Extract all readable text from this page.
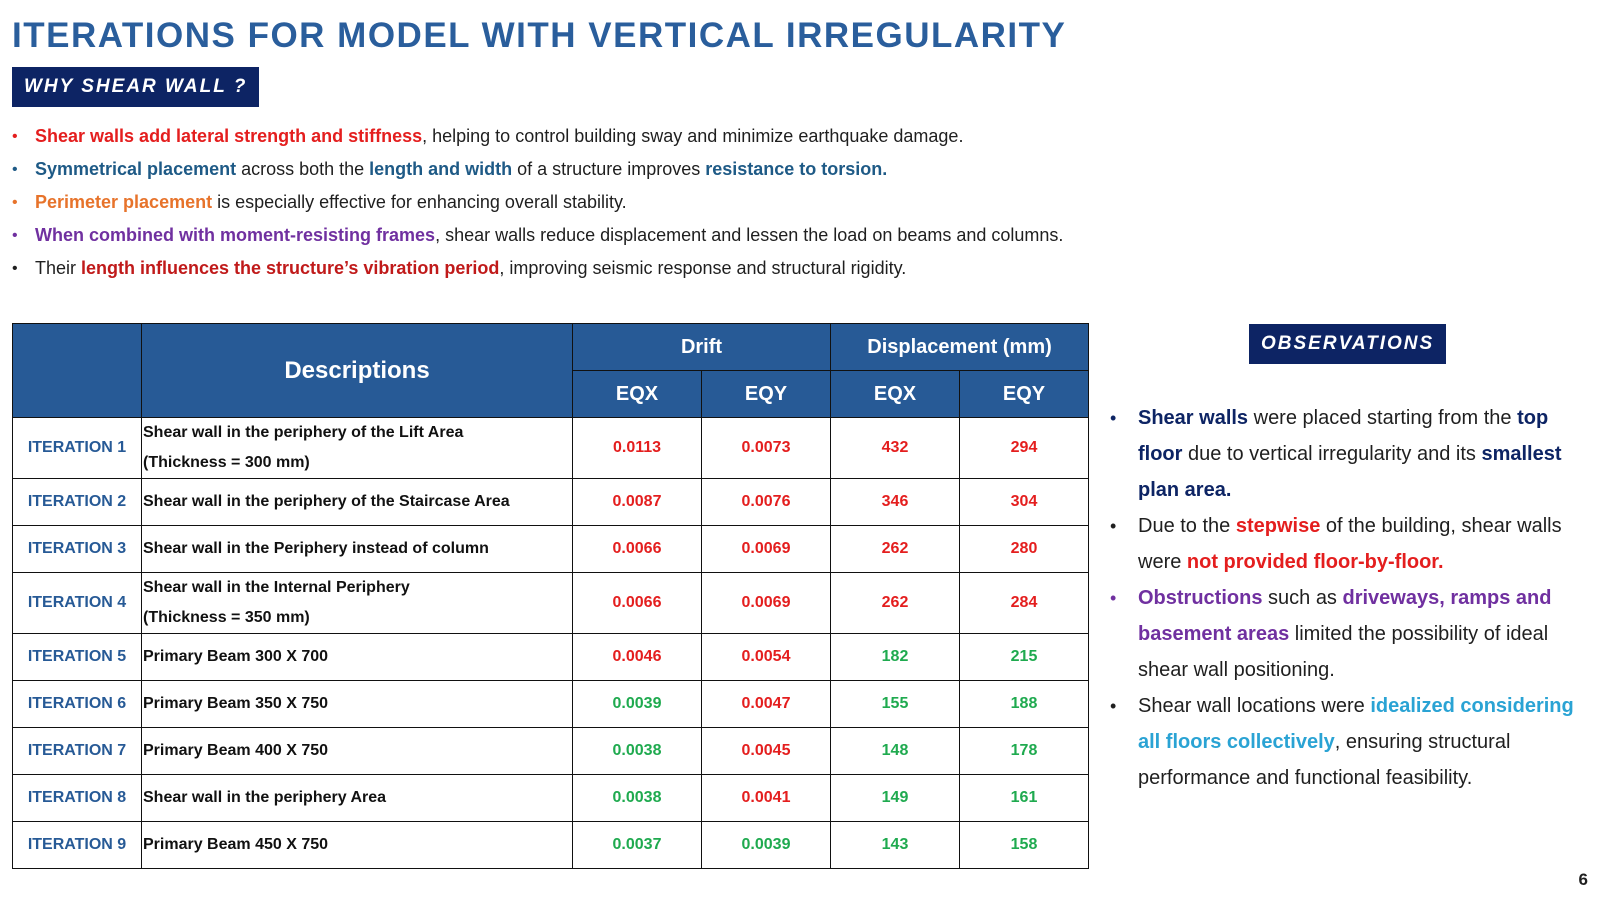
ITERATIONS FOR MODEL WITH VERTICAL IRREGULARITY
WHY SHEAR WALL ?
• Shear walls add lateral strength and stiffness, helping to control building sway and minimize earthquake damage.
• Symmetrical placement across both the length and width of a structure improves resistance to torsion.
• Perimeter placement is especially effective for enhancing overall stability.
• When combined with moment-resisting frames, shear walls reduce displacement and lessen the load on beams and columns.
• Their length influences the structure’s vibration period, improving seismic response and structural rigidity.
	Descriptions	Drift		Displacement (mm)	
		EQX	EQY	EQX	EQY
ITERATION 1	Shear wall in the periphery of the Lift Area
(Thickness = 300 mm)	0.0113	0.0073	432	294
ITERATION 2	Shear wall in the periphery of the Staircase Area	0.0087	0.0076	346	304
ITERATION 3	Shear wall in the Periphery instead of column	0.0066	0.0069	262	280
ITERATION 4	Shear wall in the Internal Periphery
(Thickness = 350 mm)	0.0066	0.0069	262	284
ITERATION 5	Primary Beam 300 X 700	0.0046	0.0054	182	215
ITERATION 6	Primary Beam 350 X 750	0.0039	0.0047	155	188
ITERATION 7	Primary Beam 400 X 750	0.0038	0.0045	148	178
ITERATION 8	Shear wall in the periphery Area	0.0038	0.0041	149	161
ITERATION 9	Primary Beam 450 X 750	0.0037	0.0039	143	158
OBSERVATIONS
• Shear walls were placed starting from the top floor due to vertical irregularity and its smallest plan area.
• Due to the stepwise of the building, shear walls were not provided floor-by-floor.
• Obstructions such as driveways, ramps and basement areas limited the possibility of ideal shear wall positioning.
• Shear wall locations were idealized considering all floors collectively, ensuring structural performance and functional feasibility.
6
